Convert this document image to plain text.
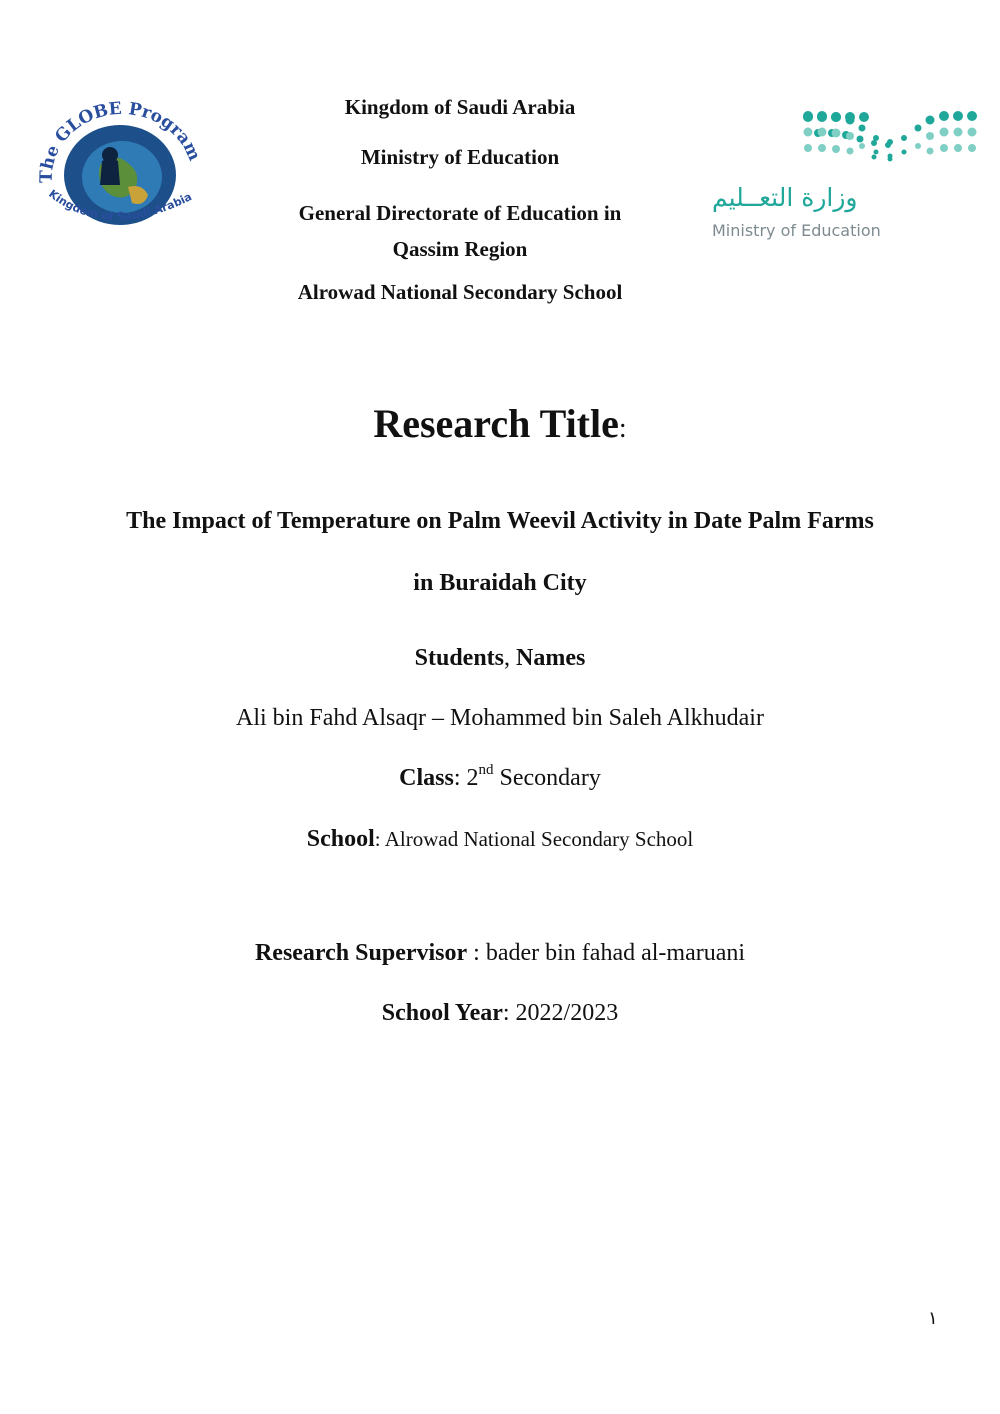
The GLOBE Program
Kingdom of Saudi Arabia
Kingdom of Saudi Arabia
Ministry of Education
General Directorate of Education in
Qassim Region
Alrowad National Secondary School
وزارة التعــليم
Ministry of Education
Research Title:
The Impact of Temperature on Palm Weevil Activity in Date Palm Farms
in Buraidah City
Students, Names
Ali bin Fahd Alsaqr – Mohammed bin Saleh Alkhudair
Class: 2nd Secondary
School: Alrowad National Secondary School
Research Supervisor : bader bin fahad al-maruani
School Year: 2022/2023
١
